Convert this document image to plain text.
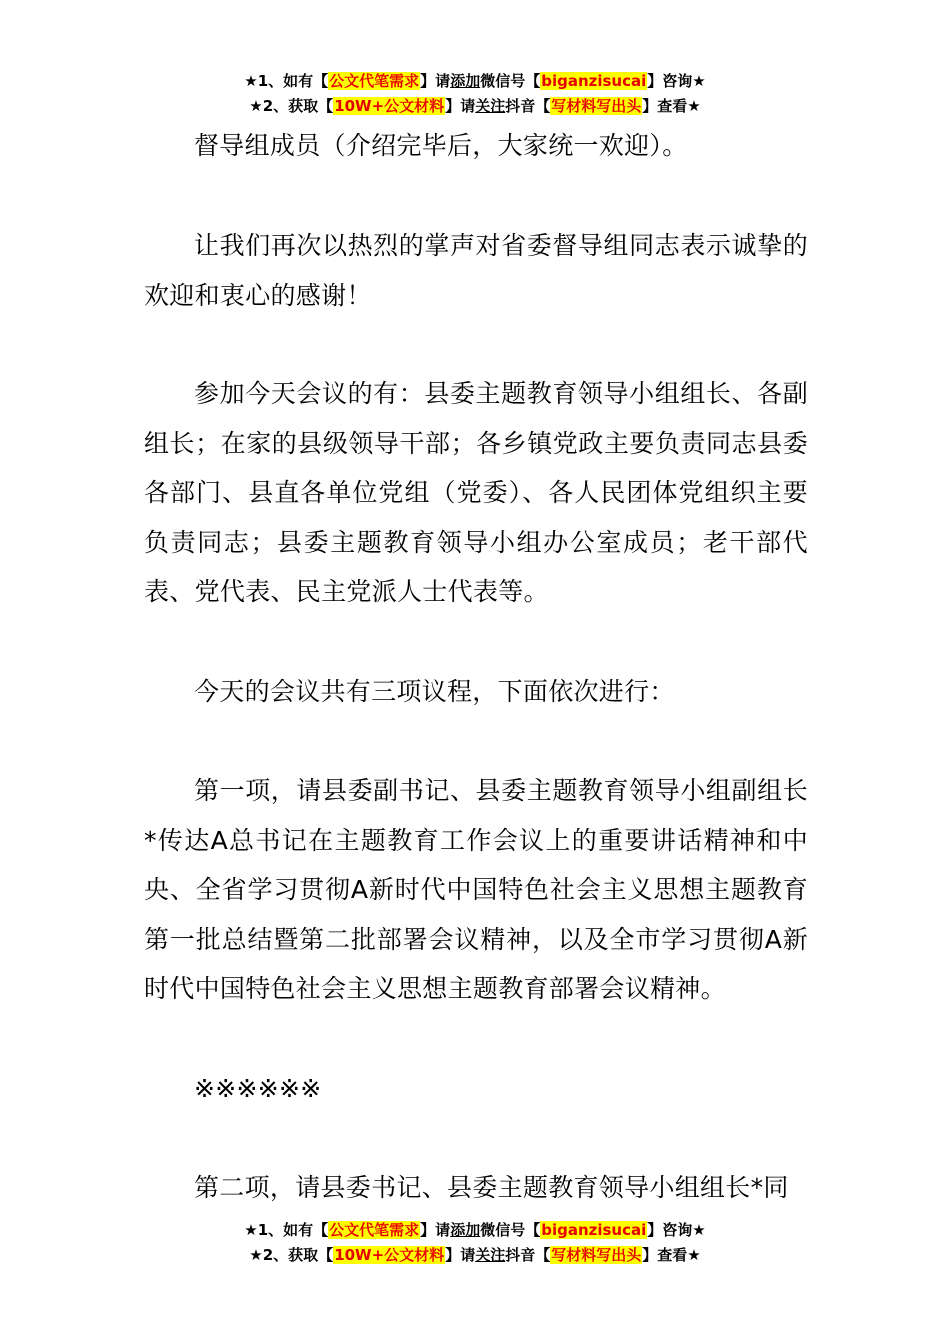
★1、如有【公文代笔需求】请添加微信号【biganzisucai】咨询★
★2、获取【10W+公文材料】请关注抖音【写材料写出头】查看★

督导组成员（介绍完毕后，大家统一欢迎）。

让我们再次以热烈的掌声对省委督导组同志表示诚挚的欢迎和衷心的感谢！

参加今天会议的有：县委主题教育领导小组组长、各副组长；在家的县级领导干部；各乡镇党政主要负责同志县委各部门、县直各单位党组（党委）、各人民团体党组织主要负责同志；县委主题教育领导小组办公室成员；老干部代表、党代表、民主党派人士代表等。

今天的会议共有三项议程，下面依次进行：

第一项，请县委副书记、县委主题教育领导小组副组长*传达A总书记在主题教育工作会议上的重要讲话精神和中央、全省学习贯彻A新时代中国特色社会主义思想主题教育第一批总结暨第二批部署会议精神，以及全市学习贯彻A新时代中国特色社会主义思想主题教育部署会议精神。

※※※※※※

第二项，请县委书记、县委主题教育领导小组组长*同

★1、如有【公文代笔需求】请添加微信号【biganzisucai】咨询★
★2、获取【10W+公文材料】请关注抖音【写材料写出头】查看★
